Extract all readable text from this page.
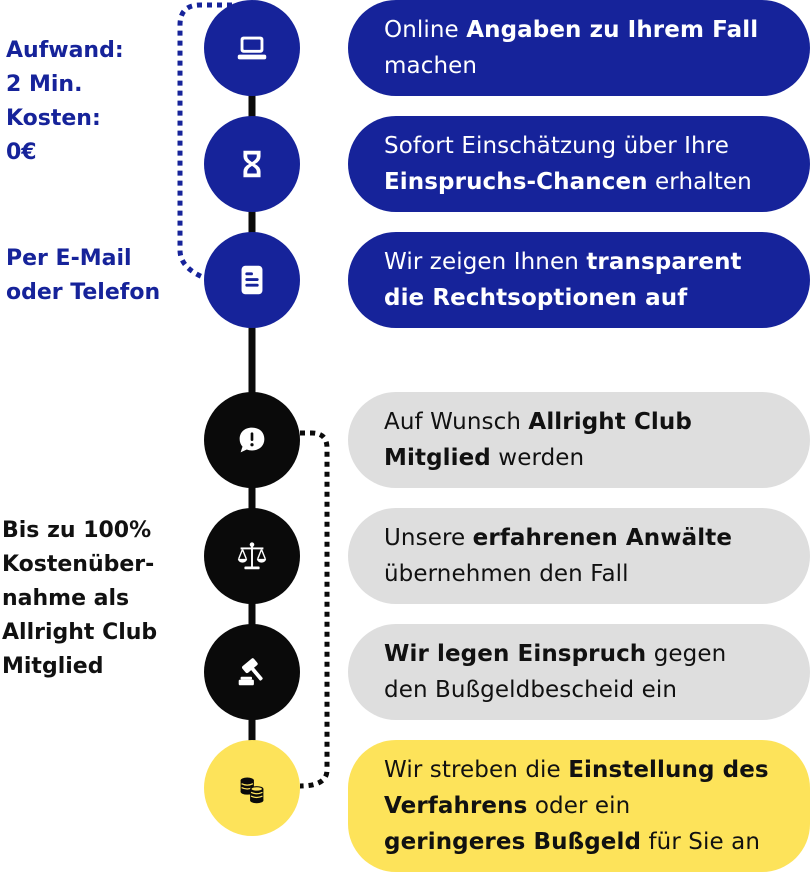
Aufwand:
2 Min.
Kosten:
0€
Per E-Mail
oder Telefon
Bis zu 100%
Kostenüber-
nahme als
Allright Club
Mitglied
Online Angaben zu Ihrem Fall machen
Sofort Einschätzung über Ihre Einspruchs-Chancen erhalten
Wir zeigen Ihnen transparent die Rechtsoptionen auf
Auf Wunsch Allright Club Mitglied werden
Unsere erfahrenen Anwälte übernehmen den Fall
Wir legen Einspruch gegen den Bußgeldbescheid ein
Wir streben die Einstellung des Verfahrens oder ein geringeres Bußgeld für Sie an
